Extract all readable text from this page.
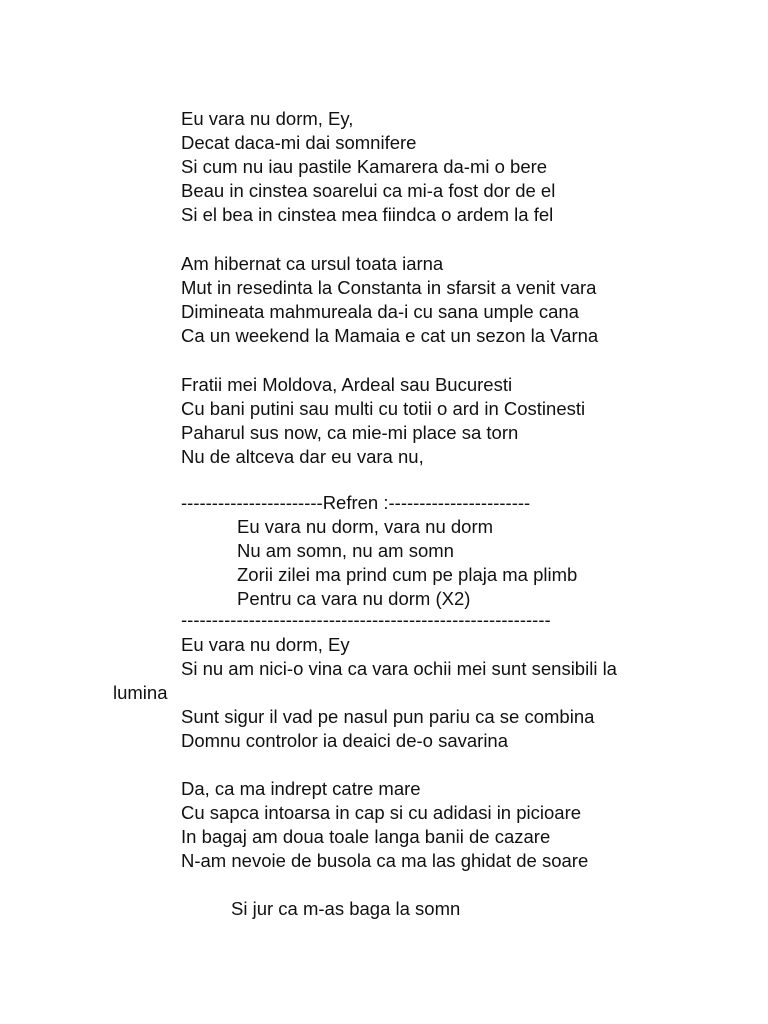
Eu vara nu dorm, Ey,
Decat daca-mi dai somnifere
Si cum nu iau pastile Kamarera da-mi o bere
Beau in cinstea soarelui ca mi-a fost dor de el
Si el bea in cinstea mea fiindca o ardem la fel
Am hibernat ca ursul toata iarna
Mut in resedinta la Constanta in sfarsit a venit vara
Dimineata mahmureala da-i cu sana umple cana
Ca un weekend la Mamaia e cat un sezon la Varna
Fratii mei Moldova, Ardeal sau Bucuresti
Cu bani putini sau multi cu totii o ard in Costinesti
Paharul sus now, ca mie-mi place sa torn
Nu de altceva dar eu vara nu,
-----------------------Refren :-----------------------
Eu vara nu dorm, vara nu dorm
Nu am somn, nu am somn
Zorii zilei ma prind cum pe plaja ma plimb
Pentru ca vara nu dorm (X2)
------------------------------------------------------------
Eu vara nu dorm, Ey
Si nu am nici-o vina ca vara ochii mei sunt sensibili la
lumina
Sunt sigur il vad pe nasul pun pariu ca se combina
Domnu controlor ia deaici de-o savarina
Da, ca ma indrept catre mare
Cu sapca intoarsa in cap si cu adidasi in picioare
In bagaj am doua toale langa banii de cazare
N-am nevoie de busola ca ma las ghidat de soare
Si jur ca m-as baga la somn
